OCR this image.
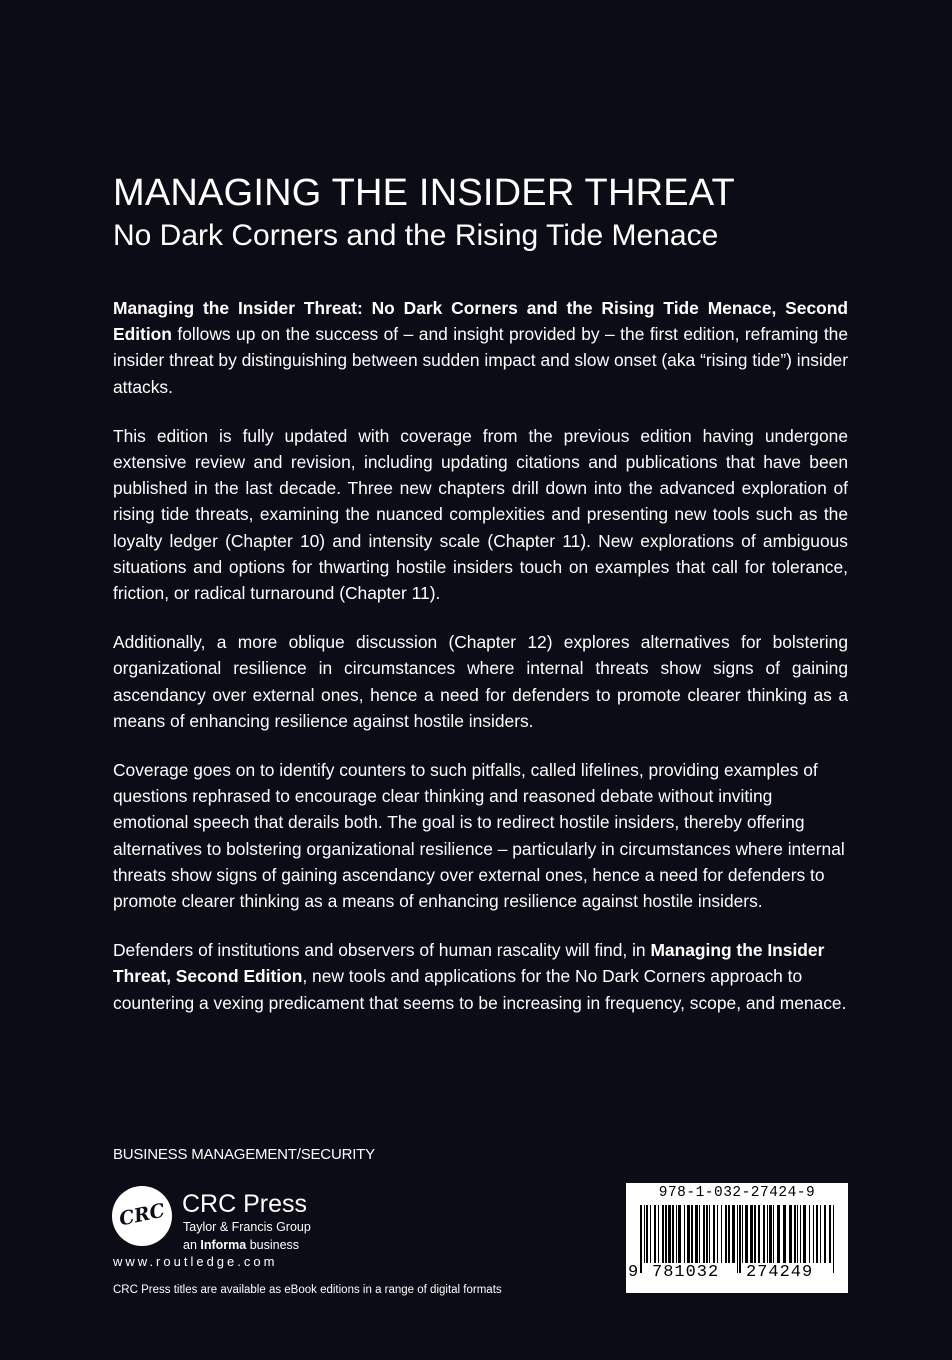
MANAGING THE INSIDER THREAT
No Dark Corners and the Rising Tide Menace

Managing the Insider Threat: No Dark Corners and the Rising Tide Menace, Second Edition follows up on the success of – and insight provided by – the first edition, reframing the insider threat by distinguishing between sudden impact and slow onset (aka “rising tide”) insider attacks.

This edition is fully updated with coverage from the previous edition having undergone extensive review and revision, including updating citations and publications that have been published in the last decade. Three new chapters drill down into the advanced exploration of rising tide threats, examining the nuanced complexities and presenting new tools such as the loyalty ledger (Chapter 10) and intensity scale (Chapter 11). New explorations of ambiguous situations and options for thwarting hostile insiders touch on examples that call for tolerance, friction, or radical turnaround (Chapter 11).

Additionally, a more oblique discussion (Chapter 12) explores alternatives for bolstering organizational resilience in circumstances where internal threats show signs of gaining ascendancy over external ones, hence a need for defenders to promote clearer thinking as a means of enhancing resilience against hostile insiders.

Coverage goes on to identify counters to such pitfalls, called lifelines, providing examples of questions rephrased to encourage clear thinking and reasoned debate without inviting emotional speech that derails both. The goal is to redirect hostile insiders, thereby offering alternatives to bolstering organizational resilience – particularly in circumstances where internal threats show signs of gaining ascendancy over external ones, hence a need for defenders to promote clearer thinking as a means of enhancing resilience against hostile insiders.

Defenders of institutions and observers of human rascality will find, in Managing the Insider Threat, Second Edition, new tools and applications for the No Dark Corners approach to countering a vexing predicament that seems to be increasing in frequency, scope, and menace.

BUSINESS MANAGEMENT/SECURITY
CRC CRC Press
Taylor & Francis Group
an Informa business
www.routledge.com
CRC Press titles are available as eBook editions in a range of digital formats
978-1-032-27424-9
9 781032 274249
